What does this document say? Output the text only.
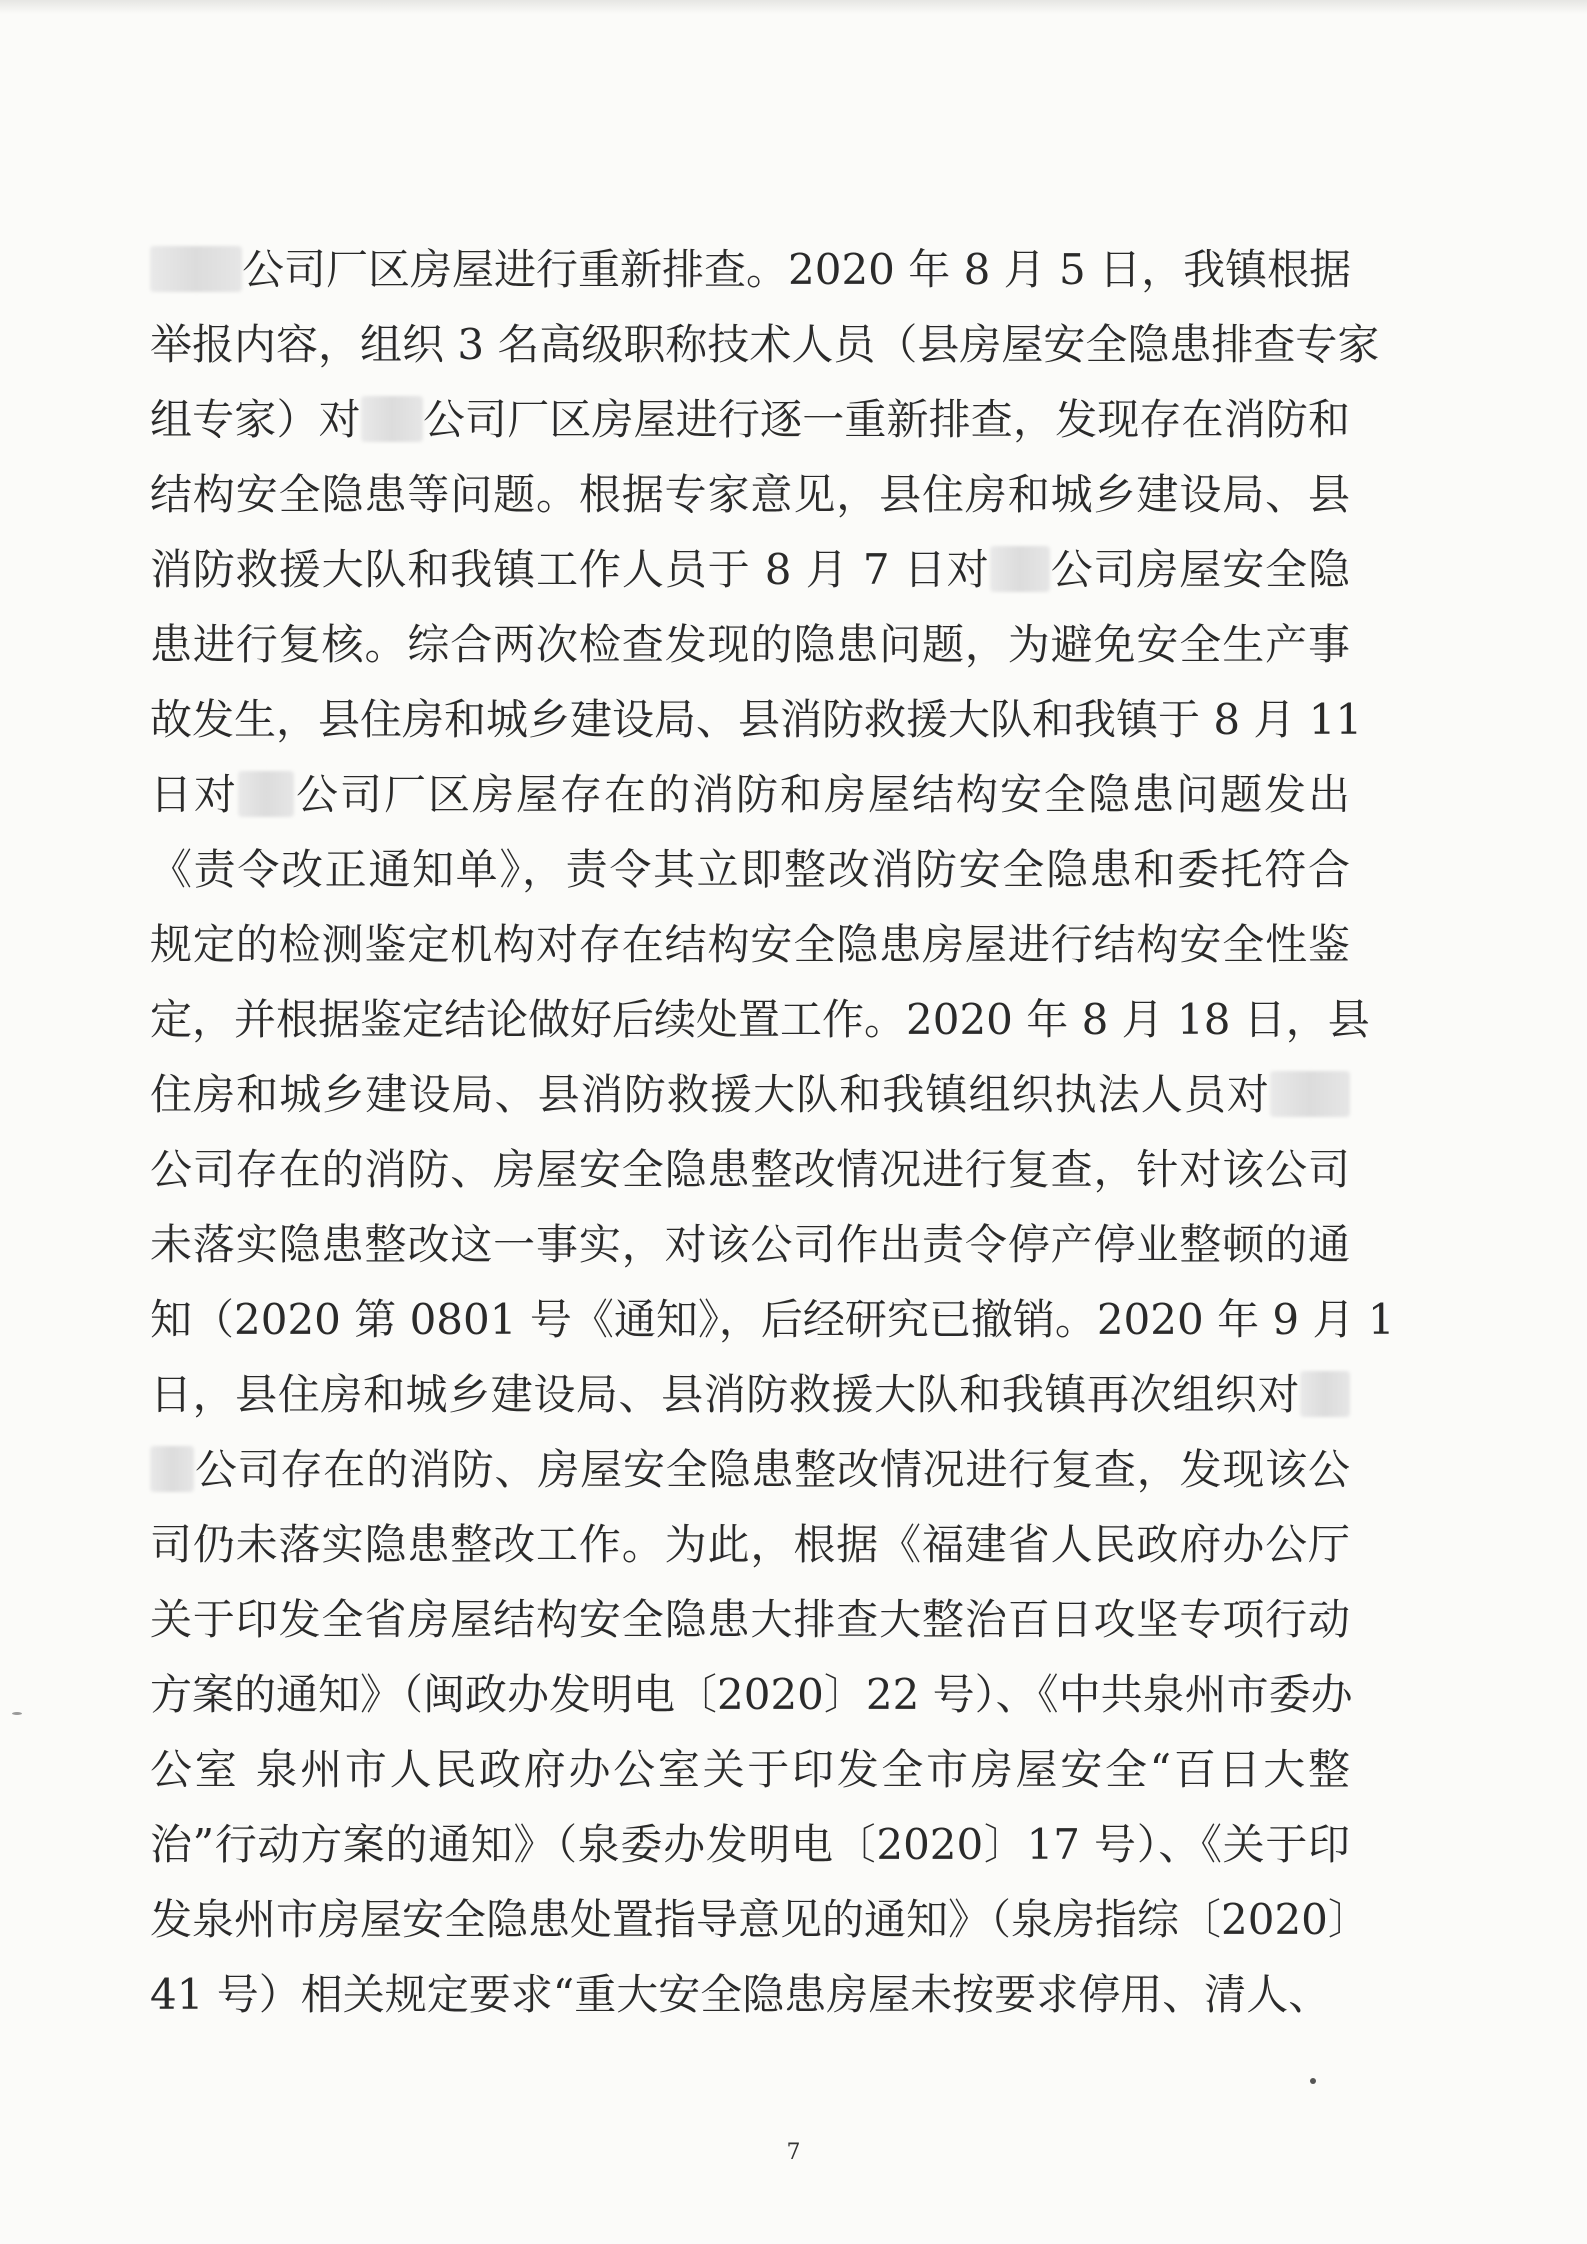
公司厂区房屋进行重新排查。2020 年 8 月 5 日，我镇根据
举报内容，组织 3 名高级职称技术人员（县房屋安全隐患排查专家
组专家）对 公司厂区房屋进行逐一重新排查，发现存在消防和
结构安全隐患等问题。根据专家意见，县住房和城乡建设局、县
消防救援大队和我镇工作人员于 8 月 7 日对 公司房屋安全隐
患进行复核。综合两次检查发现的隐患问题，为避免安全生产事
故发生，县住房和城乡建设局、县消防救援大队和我镇于 8 月 11
日对 公司厂区房屋存在的消防和房屋结构安全隐患问题发出
《责令改正通知单》，责令其立即整改消防安全隐患和委托符合
规定的检测鉴定机构对存在结构安全隐患房屋进行结构安全性鉴
定，并根据鉴定结论做好后续处置工作。2020 年 8 月 18 日，县
住房和城乡建设局、县消防救援大队和我镇组织执法人员对
公司存在的消防、房屋安全隐患整改情况进行复查，针对该公司
未落实隐患整改这一事实，对该公司作出责令停产停业整顿的通
知（2020 第 0801 号《通知》，后经研究已撤销。2020 年 9 月 1
日，县住房和城乡建设局、县消防救援大队和我镇再次组织对
公司存在的消防、房屋安全隐患整改情况进行复查，发现该公
司仍未落实隐患整改工作。为此，根据《福建省人民政府办公厅
关于印发全省房屋结构安全隐患大排查大整治百日攻坚专项行动
方案的通知》（闽政办发明电〔2020〕22 号）、《中共泉州市委办
公室 泉州市人民政府办公室关于印发全市房屋安全“百日大整
治”行动方案的通知》（泉委办发明电〔2020〕17 号）、《关于印
发泉州市房屋安全隐患处置指导意见的通知》（泉房指综〔2020〕
41 号）相关规定要求“重大安全隐患房屋未按要求停用、清人、
7
